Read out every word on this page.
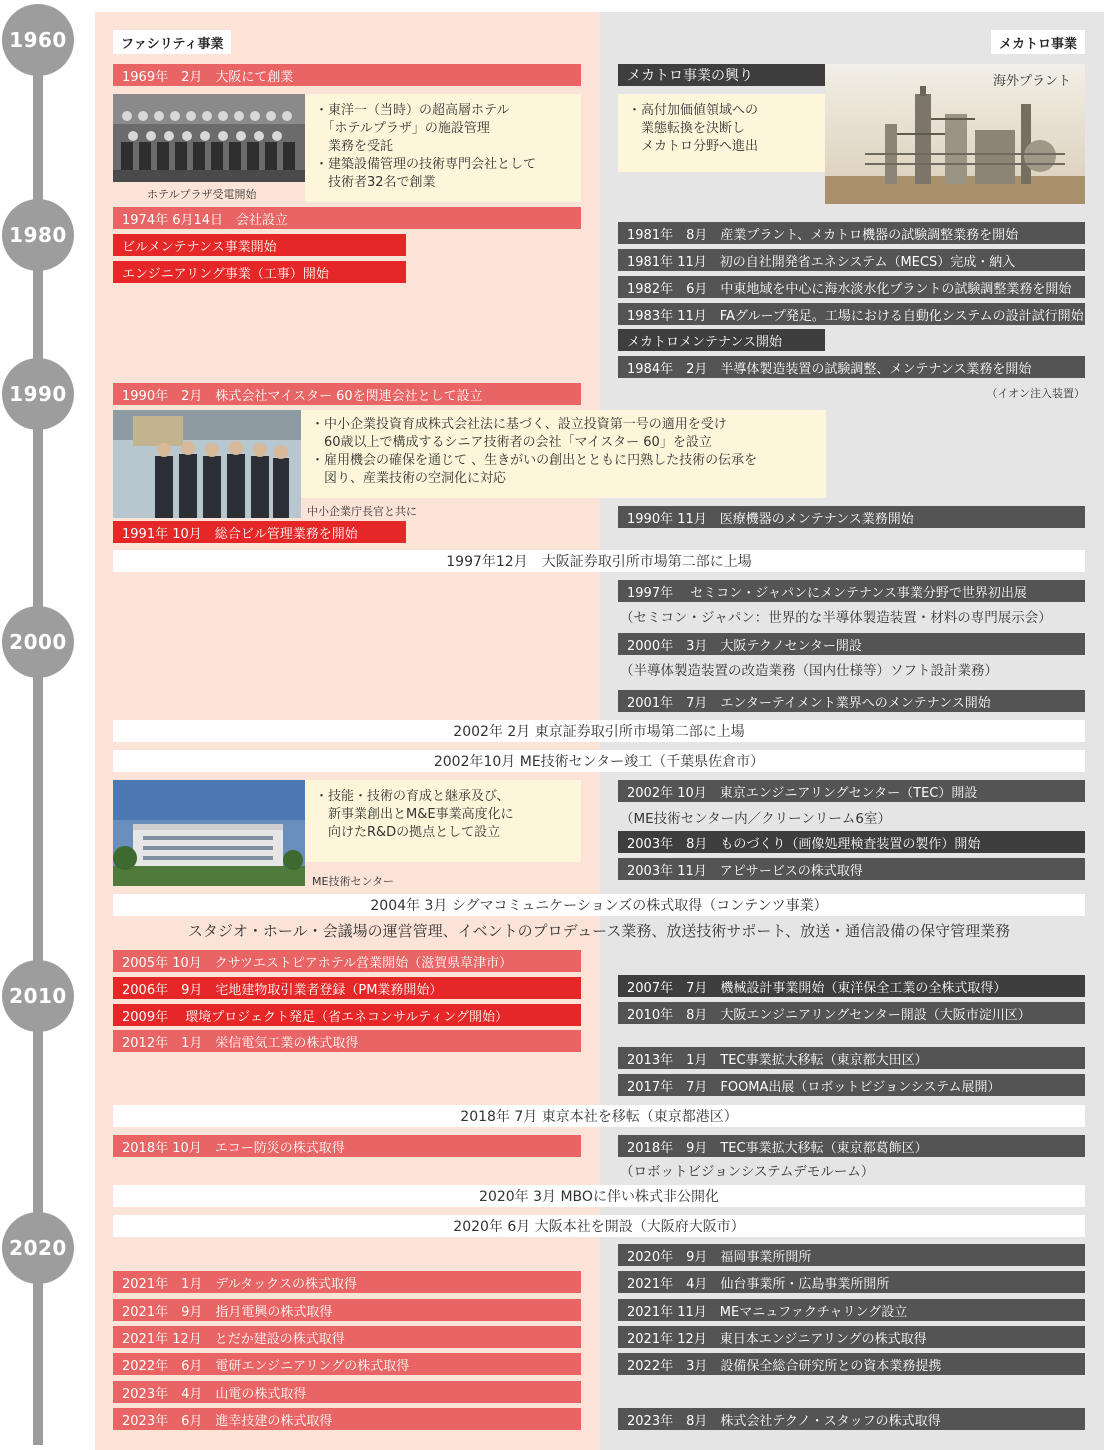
1960
1980
1990
2000
2010
2020
ファシリティ事業	メカトロ事業
1969年　2月　大阪にて創業
・東洋一（当時）の超高層ホテル
　「ホテルプラザ」の施設管理
　業務を受託
・建築設備管理の技術専門会社として
　技術者32名で創業
ホテルプラザ受電開始
1974年 6月14日　会社設立
ビルメンテナンス事業開始
エンジニアリング事業（工事）開始
メカトロ事業の興り
・高付加価値領域への
　業態転換を決断し
　メカトロ分野へ進出
海外プラント
1981年　8月　産業プラント、メカトロ機器の試験調整業務を開始
1981年 11月　初の自社開発省エネシステム（MECS）完成・納入
1982年　6月　中東地域を中心に海水淡水化プラントの試験調整業務を開始
1983年 11月　FAグループ発足。工場における自動化システムの設計試行開始
メカトロメンテナンス開始
1984年　2月　半導体製造装置の試験調整、メンテナンス業務を開始
（イオン注入装置）
1990年　2月　株式会社マイスター 60を関連会社として設立
・中小企業投資育成株式会社法に基づく、設立投資第一号の適用を受け
　60歳以上で構成するシニア技術者の会社「マイスター 60」を設立
・雇用機会の確保を通じて 、生きがいの創出とともに円熟した技術の伝承を
　図り、産業技術の空洞化に対応
中小企業庁長官と共に
1991年 10月　総合ビル管理業務を開始
1990年 11月　医療機器のメンテナンス業務開始
1997年12月　大阪証券取引所市場第二部に上場
1997年　 セミコン・ジャパンにメンテナンス事業分野で世界初出展
（セミコン・ジャパン：世界的な半導体製造装置・材料の専門展示会）
2000年　3月　大阪テクノセンター開設
（半導体製造装置の改造業務（国内仕様等）ソフト設計業務）
2001年　7月　エンターテイメント業界へのメンテナンス開始
2002年 2月 東京証券取引所市場第二部に上場
2002年10月 ME技術センター竣工（千葉県佐倉市）
・技能・技術の育成と継承及び、
　新事業創出とM&E事業高度化に
　向けたR&Dの拠点として設立
ME技術センター
2002年 10月　東京エンジニアリングセンター（TEC）開設
（ME技術センター内／クリーンリーム6室）
2003年　8月　ものづくり（画像処理検査装置の製作）開始
2003年 11月　アピサービスの株式取得
2004年 3月 シグマコミュニケーションズの株式取得（コンテンツ事業）
スタジオ・ホール・会議場の運営管理、イベントのプロデュース業務、放送技術サポート、放送・通信設備の保守管理業務
2005年 10月　クサツエストピアホテル営業開始（滋賀県草津市）
2006年　9月　宅地建物取引業者登録（PM業務開始）
2009年　 環境プロジェクト発足（省エネコンサルティング開始）
2012年　1月　栄信電気工業の株式取得
2007年　7月　機械設計事業開始（東洋保全工業の全株式取得）
2010年　8月　大阪エンジニアリングセンター開設（大阪市淀川区）
2013年　1月　TEC事業拡大移転（東京都大田区）
2017年　7月　FOOMA出展（ロボットビジョンシステム展開）
2018年 7月 東京本社を移転（東京都港区）
2018年 10月　エコー防災の株式取得	2018年　9月　TEC事業拡大移転（東京都葛飾区）
（ロボットビジョンシステムデモルーム）
2020年 3月 MBOに伴い株式非公開化
2020年 6月 大阪本社を開設（大阪府大阪市）
2020年　9月　福岡事業所開所
2021年　4月　仙台事業所・広島事業所開所
2021年 11月　MEマニュファクチャリング設立
2021年 12月　東日本エンジニアリングの株式取得
2022年　3月　設備保全総合研究所との資本業務提携
2023年　8月　株式会社テクノ・スタッフの株式取得
2021年　1月　デルタックスの株式取得
2021年　9月　指月電興の株式取得
2021年 12月　とだか建設の株式取得
2022年　6月　電研エンジニアリングの株式取得
2023年　4月　山電の株式取得
2023年　6月　進幸技建の株式取得
